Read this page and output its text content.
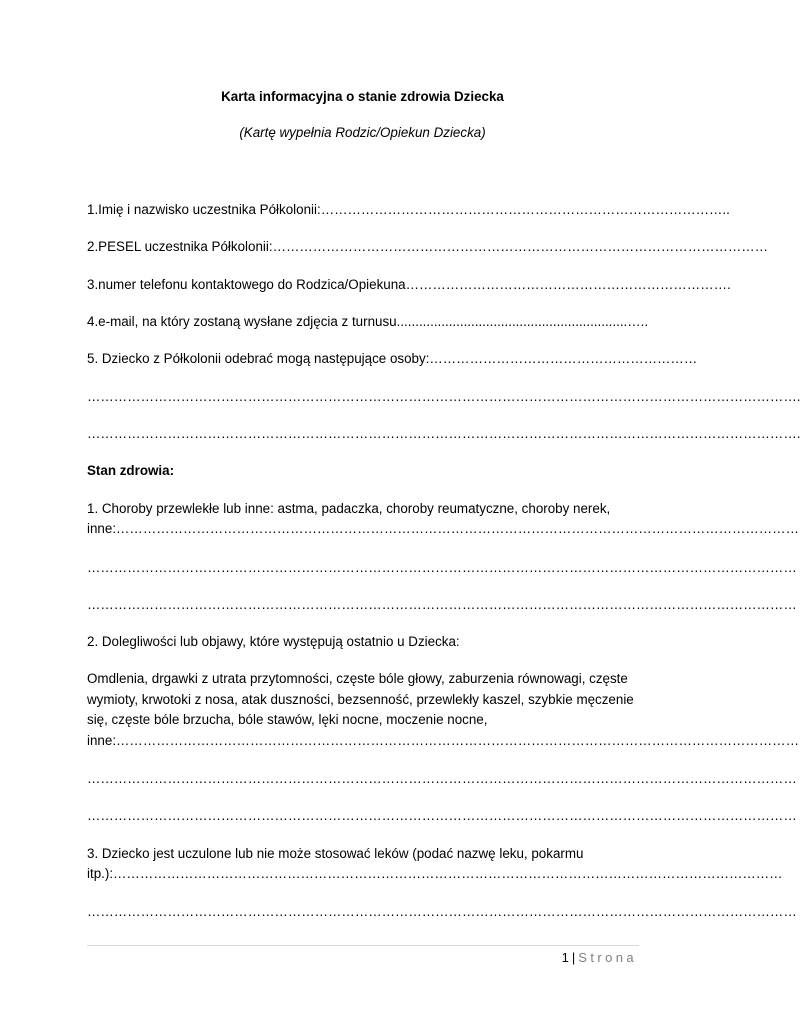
Karta informacyjna o stanie zdrowia Dziecka
(Kartę wypełnia Rodzic/Opiekun Dziecka)
1.Imię i nazwisko uczestnika Półkolonii:………………………………………………………………………………..
2.PESEL uczestnika Półkolonii:…………………………………………………………………………………………………
3.numer telefonu kontaktowego do Rodzica/Opiekuna……………………………………………………………….
4.e-mail, na który zostaną wysłane zdjęcia z turnusu..............................................................…..
5. Dziecko z Półkolonii odebrać mogą następujące osoby:……………………………………………………
…………………………………………………………………………………………………………………………………………….
…………………………………………………………………………………………………………………………………………….
Stan zdrowia:
1. Choroby przewlekłe lub inne: astma, padaczka, choroby reumatyczne, choroby nerek,
inne:………………………………………………………………………………………………………………………………………
……………………………………………………………………………………………………………………………………………
……………………………………………………………………………………………………………………………………………
2. Dolegliwości lub objawy, które występują ostatnio u Dziecka:
Omdlenia, drgawki z utrata przytomności, częste bóle głowy, zaburzenia równowagi, częste
wymioty, krwotoki z nosa, atak duszności, bezsenność, przewlekły kaszel, szybkie męczenie
się, częste bóle brzucha, bóle stawów, lęki nocne, moczenie nocne,
inne:………………………………………………………………………………………………………………………………………
……………………………………………………………………………………………………………………………………………
……………………………………………………………………………………………………………………………………………
3. Dziecko jest uczulone lub nie może stosować leków (podać nazwę leku, pokarmu
itp.):……………………………………………………………………………………………………………………………………
……………………………………………………………………………………………………………………………………………
1 | Strona
